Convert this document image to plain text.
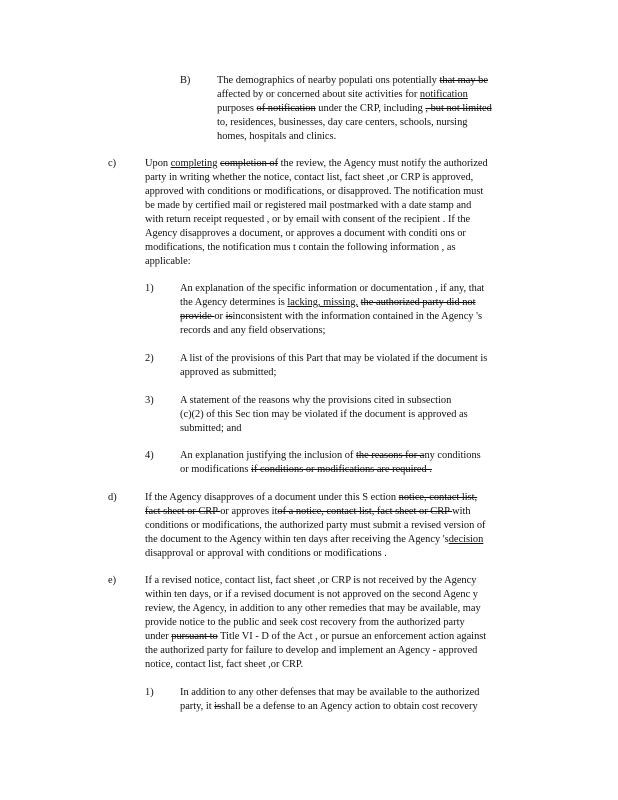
B)	The demographics of nearby populati ons potentially that may be
affected by or concerned about site activities for notification
purposes of notification under the CRP, including , but not limited
to, residences, businesses, day care centers, schools, nursing
homes, hospitals and clinics.
c)	Upon completing completion of the review, the Agency must notify the authorized
party in writing whether the notice, contact list, fact sheet ,or CRP is approved,
approved with conditions or modifications, or disapproved. The notification must
be made by certified mail or registered mail postmarked with a date stamp and
with return receipt requested , or by email with consent of the recipient . If the
Agency disapproves a document, or approves a document with conditi ons or
modifications, the notification mus t contain the following information , as
applicable:
1)	An explanation of the specific information or documentation , if any, that
the Agency determines is lacking, missing, the authorized party did not
provide or isinconsistent with the information contained in the Agency 's
records and any field observations;
2)	A list of the provisions of this Part that may be violated if the document is
approved as submitted;
3)	A statement of the reasons why the provisions cited in subsection
(c)(2) of this Sec tion may be violated if the document is approved as
submitted; and
4)	An explanation justifying the inclusion of the reasons for any conditions
or modifications if conditions or modifications are required .
d)	If the Agency disapproves of a document under this S ection notice, contact list,
fact sheet or CRP or approves itof a notice, contact list, fact sheet or CRP with
conditions or modifications, the authorized party must submit a revised version of
the document to the Agency within ten days after receiving the Agency 'sdecision
disapproval or approval with conditions or modifications .
e)	If a revised notice, contact list, fact sheet ,or CRP is not received by the Agency
within ten days, or if a revised document is not approved on the second Agenc y
review, the Agency, in addition to any other remedies that may be available, may
provide notice to the public and seek cost recovery from the authorized party
under pursuant to Title VI - D of the Act , or pursue an enforcement action against
the authorized party for failure to develop and implement an Agency - approved
notice, contact list, fact sheet ,or CRP.
1)	In addition to any other defenses that may be available to the authorized
party, it isshall be a defense to an Agency action to obtain cost recovery
